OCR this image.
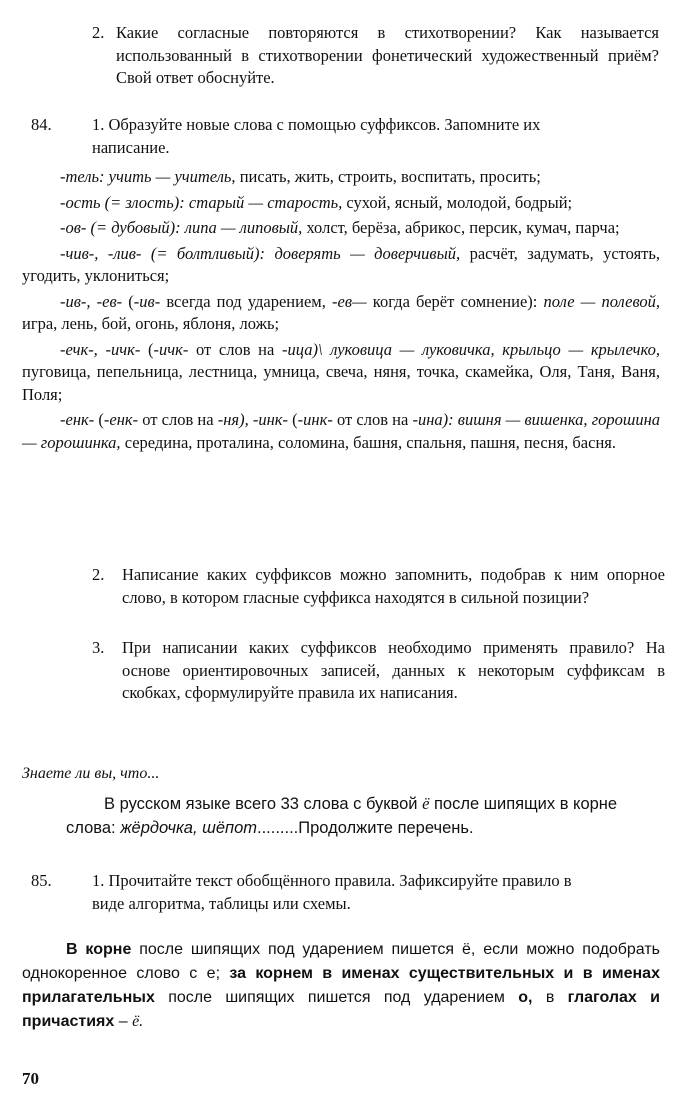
2. Какие согласные повторяются в стихотворении? Как называется использованный в стихотворении фонетический художественный приём? Свой ответ обоснуйте.
84. 1. Образуйте новые слова с помощью суффиксов. Запомните их написание.
-тель: учить — учитель, писать, жить, строить, воспитать, просить;
-ость (= злость): старый — старость, сухой, ясный, молодой, бодрый;
-ов- (= дубовый): липа — липовый, холст, берёза, абрикос, персик, кумач, парча;
-чив-, -лив- (= болтливый): доверять — доверчивый, расчёт, задумать, устоять, угодить, уклониться;
-ив-, -ев- (-ив- всегда под ударением, -ев— когда берёт сомнение): поле — полевой, игра, лень, бой, огонь, яблоня, ложь;
-ечк-, -ичк- (-ичк- от слов на -ица)\ луковица — луковичка, крыльцо — крылечко, пуговица, пепельница, лестница, умница, свеча, няня, точка, скамейка, Оля, Таня, Ваня, Поля;
-енк- (-енк- от слов на -ня), -инк- (-инк- от слов на -ина): вишня — вишенка, горошина — горошинка, середина, проталина, соломина, башня, спальня, пашня, песня, басня.
2.	Написание каких суффиксов можно запомнить, подобрав к ним опорное слово, в котором гласные суффикса находятся в сильной позиции?
3.	При написании каких суффиксов необходимо применять правило? На основе ориентировочных записей, данных к некоторым суффиксам в скобках, сформулируйте правила их написания.
Знаете ли вы, что...
В русском языке всего 33 слова с буквой ё после шипящих в корне слова: жёрдочка, шёпот.........Продолжите перечень.
85. 1. Прочитайте текст обобщённого правила. Зафиксируйте правило в виде алгоритма, таблицы или схемы.
В корне после шипящих под ударением пишется ё, если можно подобрать однокоренное слово с е; за корнем в именах существительных и в именах прилагательных после шипящих пишется под ударением о, в глаголах и причастиях – ё.
70
